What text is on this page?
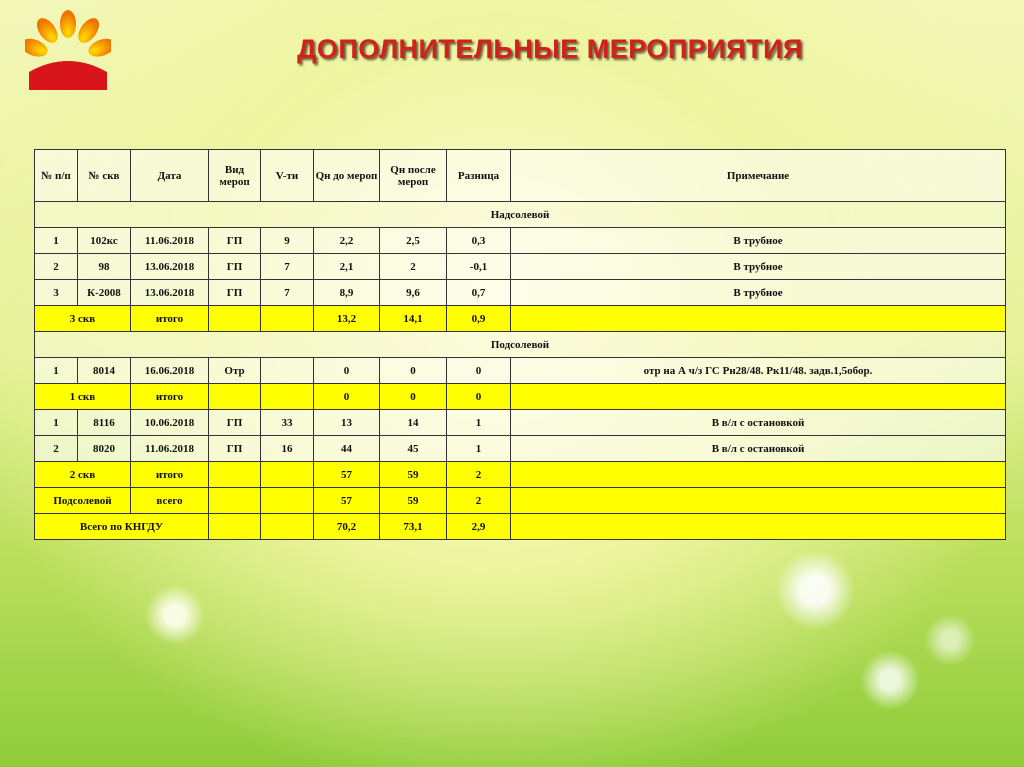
ДОПОЛНИТЕЛЬНЫЕ МЕРОПРИЯТИЯ
№ п/п	№ скв	Дата	Вид мероп	V-ти	Qн до мероп	Qн после мероп	Разница	Примечание
Надсолевой								
1	102кс	11.06.2018	ГП	9	2,2	2,5	0,3	В трубное
2	98	13.06.2018	ГП	7	2,1	2	-0,1	В трубное
3	К-2008	13.06.2018	ГП	7	8,9	9,6	0,7	В трубное
3 скв		итого			13,2	14,1	0,9	
Подсолевой								
1	8014	16.06.2018	Отр		0	0	0	отр на А ч/з ГС Рн28/48. Рк11/48. задв.1,5обор.
1 скв		итого			0	0	0	
1	8116	10.06.2018	ГП	33	13	14	1	В в/л с остановкой
2	8020	11.06.2018	ГП	16	44	45	1	В в/л с остановкой
2 скв		итого			57	59	2	
Подсолевой		всего			57	59	2	
Всего по КНГДУ					70,2	73,1	2,9	
